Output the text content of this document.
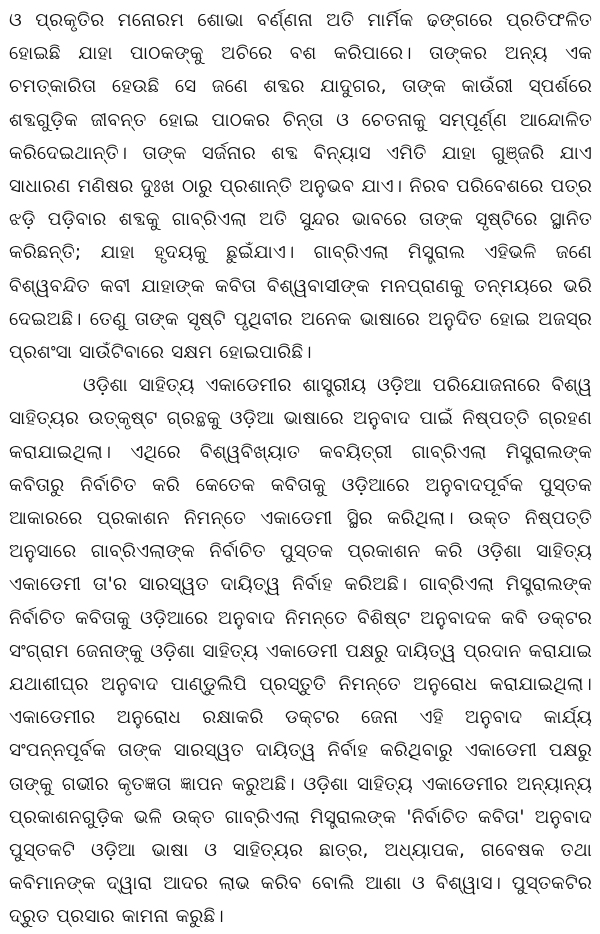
ଓ ପ୍ରକୃତିର ମନୋରମ ଶୋଭା ବର୍ଣ୍ଣନା ଅତି ମାର୍ମିକ ଢଙ୍ଗରେ ପ୍ରତିଫଳିତ ହୋଇଛି ଯାହା ପାଠକଙ୍କୁ ଅଚିରେ ବଶ କରିପାରେ। ତାଙ୍କର ଅନ୍ୟ ଏକ ଚମତ୍କାରିତା ହେଉଛି ସେ ଜଣେ ଶବ୍ଦର ଯାଦୁଗର, ତାଙ୍କ କାଉଁରୀ ସ୍ପର୍ଶରେ ଶବ୍ଦଗୁଡ଼ିକ ଜୀବନ୍ତ ହୋଇ ପାଠକର ଚିନ୍ତା ଓ ଚେତନାକୁ ସମ୍ପୂର୍ଣ୍ଣ ଆନ୍ଦୋଳିତ କରିଦେଇଥାନ୍ତି। ତାଙ୍କ ସର୍ଜନାର ଶବ୍ଦ ବିନ୍ୟାସ ଏମିତି ଯାହା ଗୁଞ୍ଜରି ଯାଏ ସାଧାରଣ ମଣିଷର ଦୁଃଖ ଠାରୁ ପ୍ରଶାନ୍ତି ଅନୁଭବ ଯାଏ। ନିରବ ପରିବେଶରେ ପତ୍ର ଝଡ଼ି ପଡ଼ିବାର ଶବ୍ଦକୁ ଗାବ୍ରିଏଲା ଅତି ସୁନ୍ଦର ଭାବରେ ତାଙ୍କ ସୃଷ୍ଟିରେ ସ୍ଥାନିତ କରିଛନ୍ତି; ଯାହା ହୃଦୟକୁ ଛୁଇଁଯାଏ। ଗାବ୍ରିଏଲା ମିସ୍ତ୍ରାଲ ଏହିଭଳି ଜଣେ ବିଶ୍ୱବନ୍ଦିତ କବୀ ଯାହାଙ୍କ କବିତା ବିଶ୍ୱବାସୀଙ୍କ ମନପ୍ରାଣକୁ ତନ୍ମୟରେ ଭରି ଦେଇଅଛି। ତେଣୁ ତାଙ୍କ ସୃଷ୍ଟି ପୃଥିବୀର ଅନେକ ଭାଷାରେ ଅନୁଦିତ ହୋଇ ଅଜସ୍ର ପ୍ରଶଂସା ସାଉଁଟିବାରେ ସକ୍ଷମ ହୋଇପାରିଛି।

ଓଡ଼ିଶା ସାହିତ୍ୟ ଏକାଡେମୀର ଶାସ୍ତ୍ରୀୟ ଓଡ଼ିଆ ପରିଯୋଜନାରେ ବିଶ୍ୱ ସାହିତ୍ୟର ଉତ୍କୃଷ୍ଟ ଗ୍ରନ୍ଥକୁ ଓଡ଼ିଆ ଭାଷାରେ ଅନୁବାଦ ପାଇଁ ନିଷ୍ପତ୍ତି ଗ୍ରହଣ କରାଯାଇଥିଲା। ଏଥିରେ ବିଶ୍ୱବିଖ୍ୟାତ କବୟିତ୍ରୀ ଗାବ୍ରିଏଲା ମିସ୍ତ୍ରାଲଙ୍କ କବିତାରୁ ନିର୍ବାଚିତ କରି କେତେକ କବିତାକୁ ଓଡ଼ିଆରେ ଅନୁବାଦପୂର୍ବକ ପୁସ୍ତକ ଆକାରରେ ପ୍ରକାଶନ ନିମନ୍ତେ ଏକାଡେମୀ ସ୍ଥିର କରିଥିଲା। ଉକ୍ତ ନିଷ୍ପତ୍ତି ଅନୁସାରେ ଗାବ୍ରିଏଲାଙ୍କ ନିର୍ବାଚିତ ପୁସ୍ତକ ପ୍ରକାଶନ କରି ଓଡ଼ିଶା ସାହିତ୍ୟ ଏକାଡେମୀ ତା'ର ସାରସ୍ୱତ ଦାୟିତ୍ୱ ନିର୍ବାହ କରିଅଛି। ଗାବ୍ରିଏଲା ମିସ୍ତ୍ରାଲଙ୍କ ନିର୍ବାଚିତ କବିତାକୁ ଓଡ଼ିଆରେ ଅନୁବାଦ ନିମନ୍ତେ ବିଶିଷ୍ଟ ଅନୁବାଦକ କବି ଡକ୍ଟର ସଂଗ୍ରାମ ଜେନାଙ୍କୁ ଓଡ଼ିଶା ସାହିତ୍ୟ ଏକାଡେମୀ ପକ୍ଷରୁ ଦାୟିତ୍ୱ ପ୍ରଦାନ କରାଯାଇ ଯଥାଶୀଘ୍ର ଅନୁବାଦ ପାଣ୍ଡୁଲିପି ପ୍ରସ୍ତୁତି ନିମନ୍ତେ ଅନୁରୋଧ କରାଯାଇଥିଲା। ଏକାଡେମୀର ଅନୁରୋଧ ରକ୍ଷାକରି ଡକ୍ଟର ଜେନା ଏହି ଅନୁବାଦ କାର୍ଯ୍ୟ ସଂପନ୍ନପୂର୍ବକ ତାଙ୍କ ସାରସ୍ୱତ ଦାୟିତ୍ୱ ନିର୍ବାହ କରିଥିବାରୁ ଏକାଡେମୀ ପକ୍ଷରୁ ତାଙ୍କୁ ଗଭୀର କୃତଜ୍ଞତା ଜ୍ଞାପନ କରୁଅଛି। ଓଡ଼ିଶା ସାହିତ୍ୟ ଏକାଡେମୀର ଅନ୍ୟାନ୍ୟ ପ୍ରକାଶନଗୁଡ଼ିକ ଭଳି ଉକ୍ତ ଗାବ୍ରିଏଲା ମିସ୍ତ୍ରାଲଙ୍କ 'ନିର୍ବାଚିତ କବିତା' ଅନୁବାଦ ପୁସ୍ତକଟି ଓଡ଼ିଆ ଭାଷା ଓ ସାହିତ୍ୟର ଛାତ୍ର, ଅଧ୍ୟାପକ, ଗବେଷକ ତଥା କବିମାନଙ୍କ ଦ୍ୱାରା ଆଦର ଲାଭ କରିବ ବୋଲି ଆଶା ଓ ବିଶ୍ୱାସ। ପୁସ୍ତକଟିର ଦ୍ରୁତ ପ୍ରସାର କାମନା କରୁଛି।
